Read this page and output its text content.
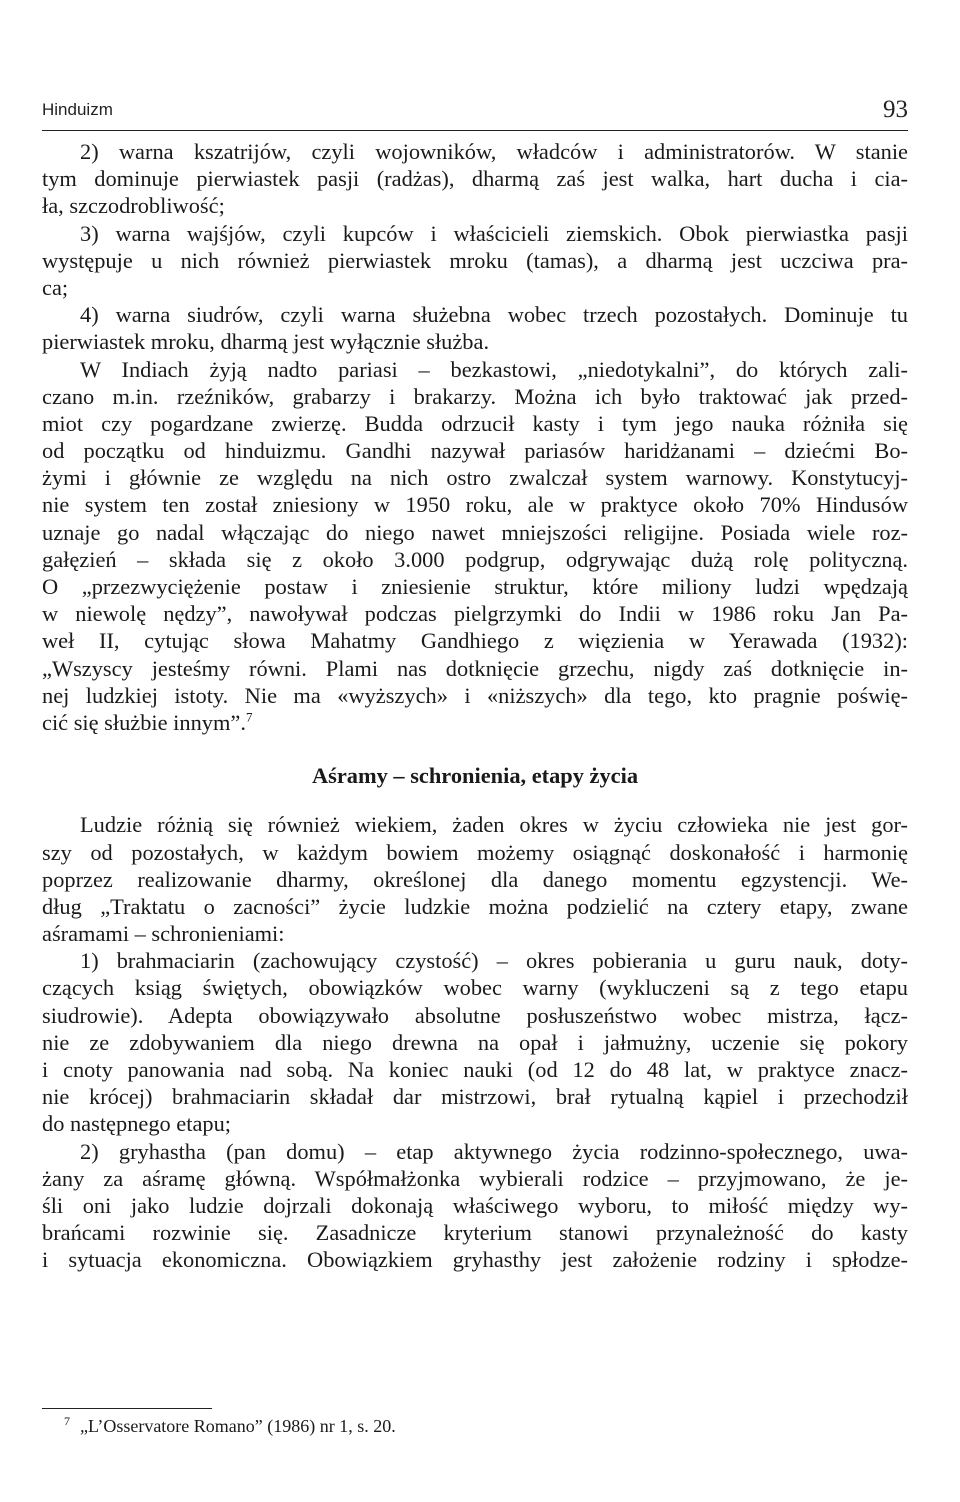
Hinduizm	93
2) warna kszatrijów, czyli wojowników, władców i administratorów. W stanie
tym dominuje pierwiastek pasji (radżas), dharmą zaś jest walka, hart ducha i cia-
ła, szczodrobliwość;
3) warna wajśjów, czyli kupców i właścicieli ziemskich. Obok pierwiastka pasji
występuje u nich również pierwiastek mroku (tamas), a dharmą jest uczciwa pra-
ca;
4) warna siudrów, czyli warna służebna wobec trzech pozostałych. Dominuje tu
pierwiastek mroku, dharmą jest wyłącznie służba.
W Indiach żyją nadto pariasi – bezkastowi, „niedotykalni”, do których zali-
czano m.in. rzeźników, grabarzy i brakarzy. Można ich było traktować jak przed-
miot czy pogardzane zwierzę. Budda odrzucił kasty i tym jego nauka różniła się
od początku od hinduizmu. Gandhi nazywał pariasów haridżanami – dziećmi Bo-
żymi i głównie ze względu na nich ostro zwalczał system warnowy. Konstytucyj-
nie system ten został zniesiony w 1950 roku, ale w praktyce około 70% Hindusów
uznaje go nadal włączając do niego nawet mniejszości religijne. Posiada wiele roz-
gałęzień – składa się z około 3.000 podgrup, odgrywając dużą rolę polityczną.
O „przezwyciężenie postaw i zniesienie struktur, które miliony ludzi wpędzają
w niewolę nędzy”, nawoływał podczas pielgrzymki do Indii w 1986 roku Jan Pa-
weł II, cytując słowa Mahatmy Gandhiego z więzienia w Yerawada (1932):
„Wszyscy jesteśmy równi. Plami nas dotknięcie grzechu, nigdy zaś dotknięcie in-
nej ludzkiej istoty. Nie ma «wyższych» i «niższych» dla tego, kto pragnie poświę-
cić się służbie innym”.$^7$
Aśramy – schronienia, etapy życia
Ludzie różnią się również wiekiem, żaden okres w życiu człowieka nie jest gor-
szy od pozostałych, w każdym bowiem możemy osiągnąć doskonałość i harmonię
poprzez realizowanie dharmy, określonej dla danego momentu egzystencji. We-
dług „Traktatu o zacności” życie ludzkie można podzielić na cztery etapy, zwane
aśramami – schronieniami:
1) brahmaciarin (zachowujący czystość) – okres pobierania u guru nauk, doty-
czących ksiąg świętych, obowiązków wobec warny (wykluczeni są z tego etapu
siudrowie). Adepta obowiązywało absolutne posłuszeństwo wobec mistrza, łącz-
nie ze zdobywaniem dla niego drewna na opał i jałmużny, uczenie się pokory
i cnoty panowania nad sobą. Na koniec nauki (od 12 do 48 lat, w praktyce znacz-
nie krócej) brahmaciarin składał dar mistrzowi, brał rytualną kąpiel i przechodził
do następnego etapu;
2) gryhastha (pan domu) – etap aktywnego życia rodzinno-społecznego, uwa-
żany za aśramę główną. Współmałżonka wybierali rodzice – przyjmowano, że je-
śli oni jako ludzie dojrzali dokonają właściwego wyboru, to miłość między wy-
brańcami rozwinie się. Zasadnicze kryterium stanowi przynależność do kasty
i sytuacja ekonomiczna. Obowiązkiem gryhasthy jest założenie rodziny i spłodze-
$^7$ „L’Osservatore Romano” (1986) nr 1, s. 20.
